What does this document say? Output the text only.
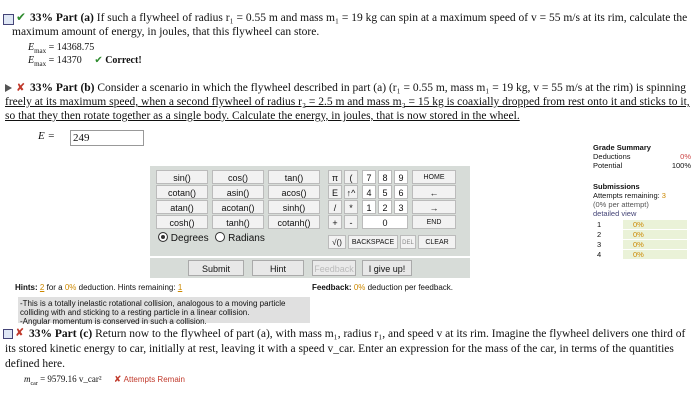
✔ 33% Part (a) If such a flywheel of radius r₁ = 0.55 m and mass m₁ = 19 kg can spin at a maximum speed of v = 55 m/s at its rim, calculate the
maximum amount of energy, in joules, that this flywheel can store.
$E_{max} = 14368.75$
$E_{max} = 14370$ ✔ Correct!
✘ 33% Part (b) Consider a scenario in which the flywheel described in part (a) (r₁ = 0.55 m, mass m₁ = 19 kg, v = 55 m/s at the rim) is spinning
freely at its maximum speed, when a second flywheel of radius r₂ = 2.5 m and mass m₂ = 15 kg is coaxially dropped from rest onto it and sticks to it,
so that they then rotate together as a single body. Calculate the energy, in joules, that is now stored in the wheel.
E = 249
sin()	cos()	tan()
cotan()	asin()	acos()
atan()	acotan()	sinh()
cosh()	tanh()	cotanh()
Degrees Radians
π	(
E ↑^
/	*
+	-
7	8	9
4	5	6
1	2	3
0
HOME
←
→
END
√()	BACKSPACE	DEL	CLEAR
Submit	Hint	Feedback	I give up!
Grade Summary
Deductions	0%
Potential	100%
Submissions
Attempts remaining: 3
(0% per attempt)
detailed view
1	0%
2	0%
3	0%
4	0%
Hints: 2 for a 0% deduction. Hints remaining: 1	Feedback: 0% deduction per feedback.
-This is a totally inelastic rotational collision, analogous to a moving particle
colliding with and sticking to a resting particle in a linear collision.
-Angular momentum is conserved in such a collision.
✘ 33% Part (c) Return now to the flywheel of part (a), with mass m₁, radius r₁, and speed v at its rim. Imagine the flywheel delivers one third of
its stored kinetic energy to car, initially at rest, leaving it with a speed v_car. Enter an expression for the mass of the car, in terms of the quantities
defined here.
$m_{car} = 9579.16$ v_car² ✘ Attempts Remain
